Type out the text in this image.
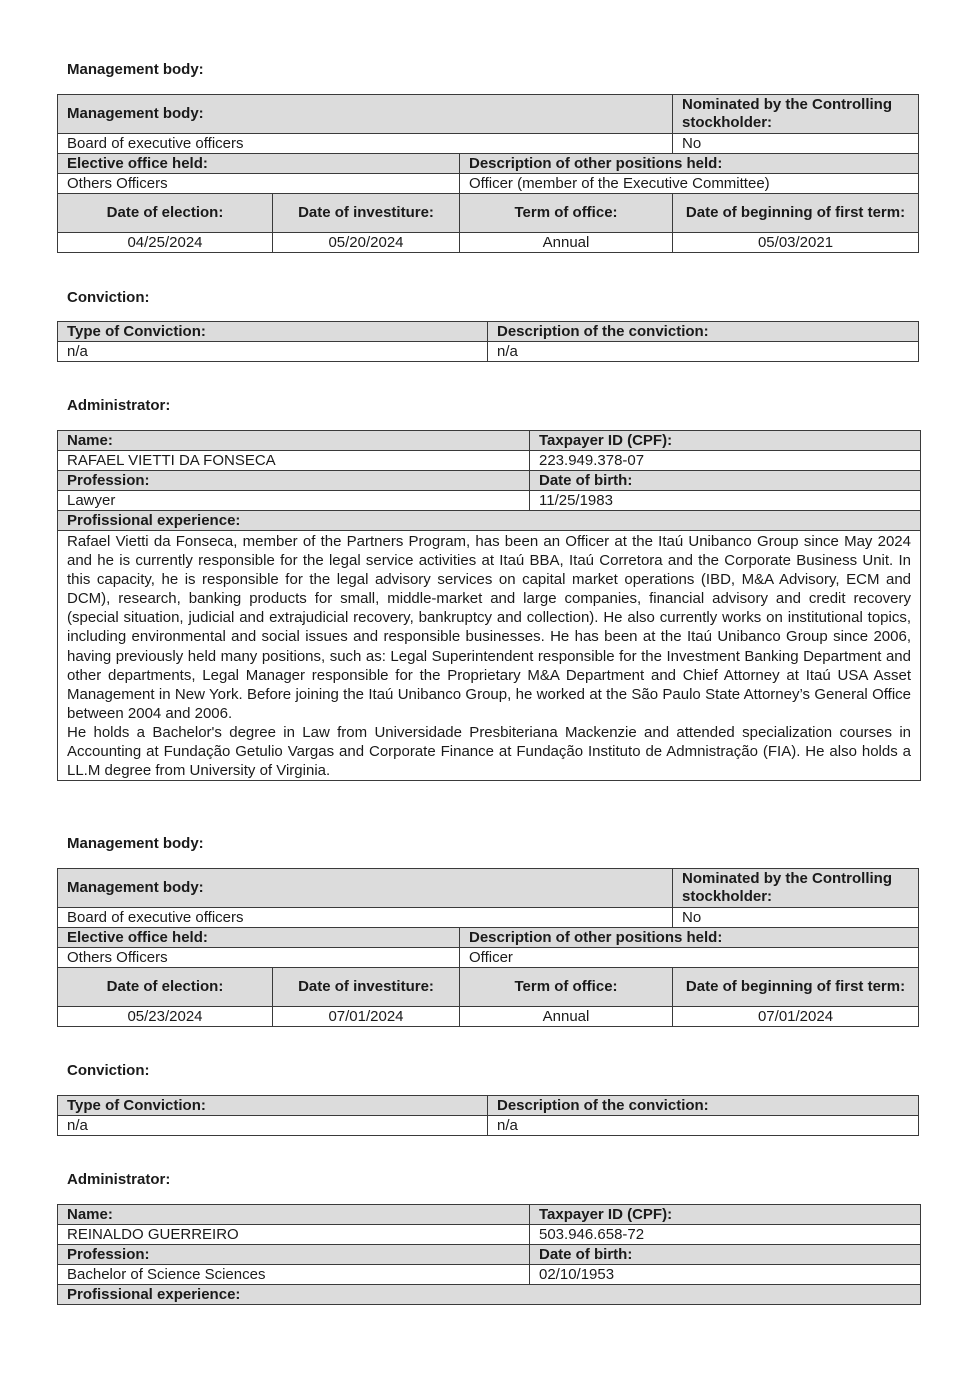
Management body:
Management body:			Nominated by the Controlling stockholder:
Board of executive officers			No
Elective office held:		Description of other positions held:	
Others Officers		Officer (member of the Executive Committee)	
Date of election:	Date of investiture:	Term of office:	Date of beginning of first term:
04/25/2024	05/20/2024	Annual	05/03/2021
Conviction:
Type of Conviction:	Description of the conviction:
n/a	n/a
Administrator:
Name:	Taxpayer ID (CPF):
RAFAEL VIETTI DA FONSECA	223.949.378-07
Profession:	Date of birth:
Lawyer	11/25/1983
Profissional experience:	

Rafael Vietti da Fonseca, member of the Partners Program, has been an Officer at the Itaú Unibanco Group since May 2024 and he is currently responsible for the legal service activities at Itaú BBA, Itaú Corretora and the Corporate Business Unit. In this capacity, he is responsible for the legal advisory services on capital market operations (IBD, M&A Advisory, ECM and DCM), research, banking products for small, middle-market and large companies, financial advisory and credit recovery (special situation, judicial and extrajudicial recovery, bankruptcy and collection). He also currently works on institutional topics, including environmental and social issues and responsible businesses. He has been at the Itaú Unibanco Group since 2006, having previously held many positions, such as: Legal Superintendent responsible for the Investment Banking Department and other departments, Legal Manager responsible for the Proprietary M&A Department and Chief Attorney at Itaú USA Asset Management in New York. Before joining the Itaú Unibanco Group, he worked at the São Paulo State Attorney’s General Office between 2004 and 2006.
He holds a Bachelor's degree in Law from Universidade Presbiteriana Mackenzie and attended specialization courses in Accounting at Fundação Getulio Vargas and Corporate Finance at Fundação Instituto de Admnistração (FIA). He also holds a LL.M degree from University of Virginia.	
Management body:
Management body:			Nominated by the Controlling stockholder:
Board of executive officers			No
Elective office held:		Description of other positions held:	
Others Officers		Officer	
Date of election:	Date of investiture:	Term of office:	Date of beginning of first term:
05/23/2024	07/01/2024	Annual	07/01/2024
Conviction:
Type of Conviction:	Description of the conviction:
n/a	n/a
Administrator:
Name:	Taxpayer ID (CPF):
REINALDO GUERREIRO	503.946.658-72
Profession:	Date of birth:
Bachelor of Science Sciences	02/10/1953
Profissional experience:	
